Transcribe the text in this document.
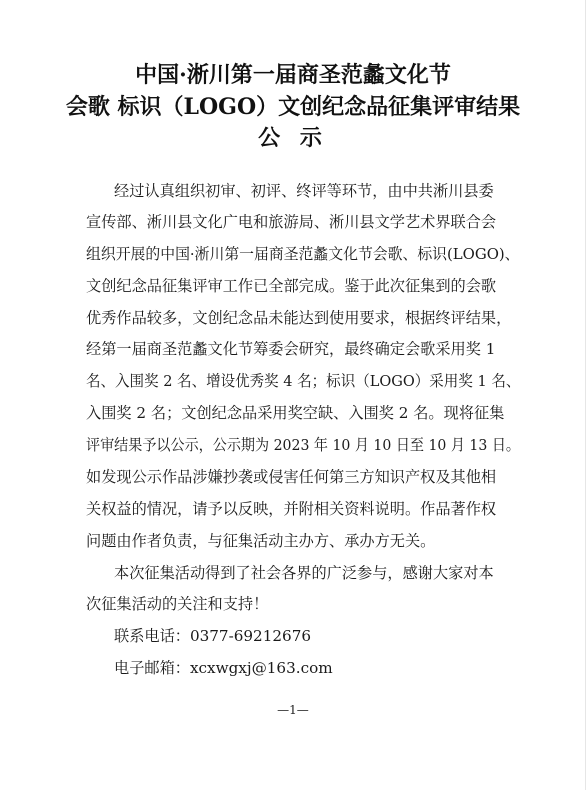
中国·淅川第一届商圣范蠡文化节
会歌 标识（LOGO）文创纪念品征集评审结果
公 示
经过认真组织初审、初评、终评等环节，由中共淅川县委
宣传部、淅川县文化广电和旅游局、淅川县文学艺术界联合会
组织开展的中国·淅川第一届商圣范蠡文化节会歌、标识(LOGO)、
文创纪念品征集评审工作已全部完成。鉴于此次征集到的会歌
优秀作品较多，文创纪念品未能达到使用要求，根据终评结果，
经第一届商圣范蠡文化节筹委会研究，最终确定会歌采用奖 1
名、入围奖 2 名、增设优秀奖 4 名；标识（LOGO）采用奖 1 名、
入围奖 2 名；文创纪念品采用奖空缺、入围奖 2 名。现将征集
评审结果予以公示，公示期为 2023 年 10 月 10 日至 10 月 13 日。
如发现公示作品涉嫌抄袭或侵害任何第三方知识产权及其他相
关权益的情况，请予以反映，并附相关资料说明。作品著作权
问题由作者负责，与征集活动主办方、承办方无关。
本次征集活动得到了社会各界的广泛参与，感谢大家对本
次征集活动的关注和支持！
联系电话：0377-69212676
电子邮箱：xcxwgxj@163.com
—1—
